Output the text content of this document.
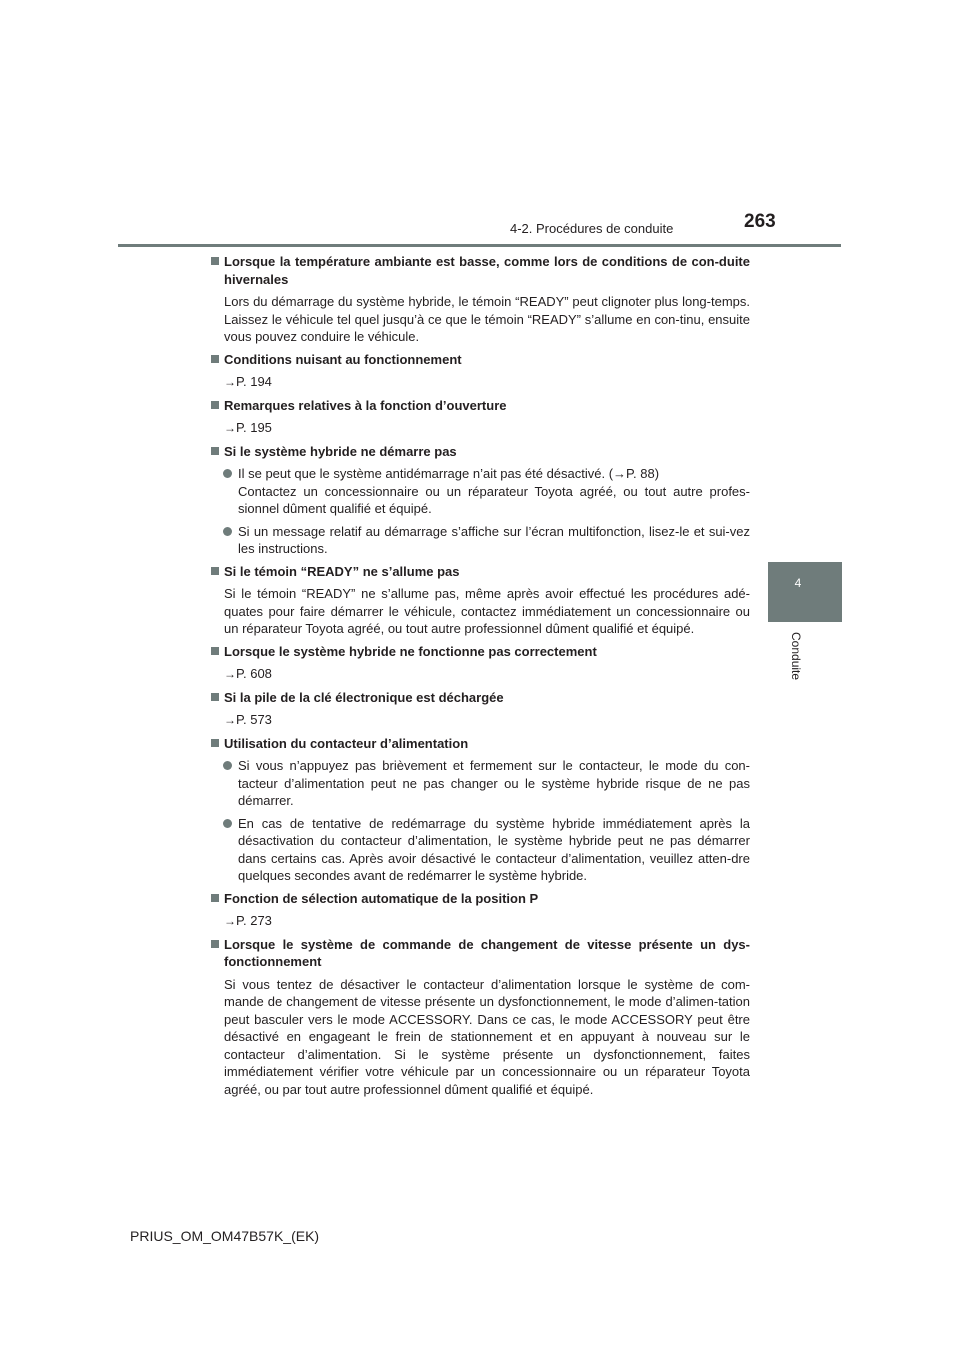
4-2. Procédures de conduite	263
4
Conduite
Lorsque la température ambiante est basse, comme lors de conditions de con-duite hivernales
Lors du démarrage du système hybride, le témoin “READY” peut clignoter plus long-temps. Laissez le véhicule tel quel jusqu’à ce que le témoin “READY” s’allume en con-tinu, ensuite vous pouvez conduire le véhicule.
Conditions nuisant au fonctionnement
→P. 194
Remarques relatives à la fonction d’ouverture
→P. 195
Si le système hybride ne démarre pas
Il se peut que le système antidémarrage n’ait pas été désactivé. (→P. 88)
Contactez un concessionnaire ou un réparateur Toyota agréé, ou tout autre profes-sionnel dûment qualifié et équipé.
Si un message relatif au démarrage s’affiche sur l’écran multifonction, lisez-le et sui-vez les instructions.
Si le témoin “READY” ne s’allume pas
Si le témoin “READY” ne s’allume pas, même après avoir effectué les procédures adé-quates pour faire démarrer le véhicule, contactez immédiatement un concessionnaire ou un réparateur Toyota agréé, ou tout autre professionnel dûment qualifié et équipé.
Lorsque le système hybride ne fonctionne pas correctement
→P. 608
Si la pile de la clé électronique est déchargée
→P. 573
Utilisation du contacteur d’alimentation
Si vous n’appuyez pas brièvement et fermement sur le contacteur, le mode du con-tacteur d’alimentation peut ne pas changer ou le système hybride risque de ne pas démarrer.
En cas de tentative de redémarrage du système hybride immédiatement après la désactivation du contacteur d’alimentation, le système hybride peut ne pas démarrer dans certains cas. Après avoir désactivé le contacteur d’alimentation, veuillez atten-dre quelques secondes avant de redémarrer le système hybride.
Fonction de sélection automatique de la position P
→P. 273
Lorsque le système de commande de changement de vitesse présente un dys-fonctionnement
Si vous tentez de désactiver le contacteur d’alimentation lorsque le système de com-mande de changement de vitesse présente un dysfonctionnement, le mode d’alimen-tation peut basculer vers le mode ACCESSORY. Dans ce cas, le mode ACCESSORY peut être désactivé en engageant le frein de stationnement et en appuyant à nouveau sur le contacteur d’alimentation. Si le système présente un dysfonctionnement, faites immédiatement vérifier votre véhicule par un concessionnaire ou un réparateur Toyota agréé, ou par tout autre professionnel dûment qualifié et équipé.
PRIUS_OM_OM47B57K_(EK)
